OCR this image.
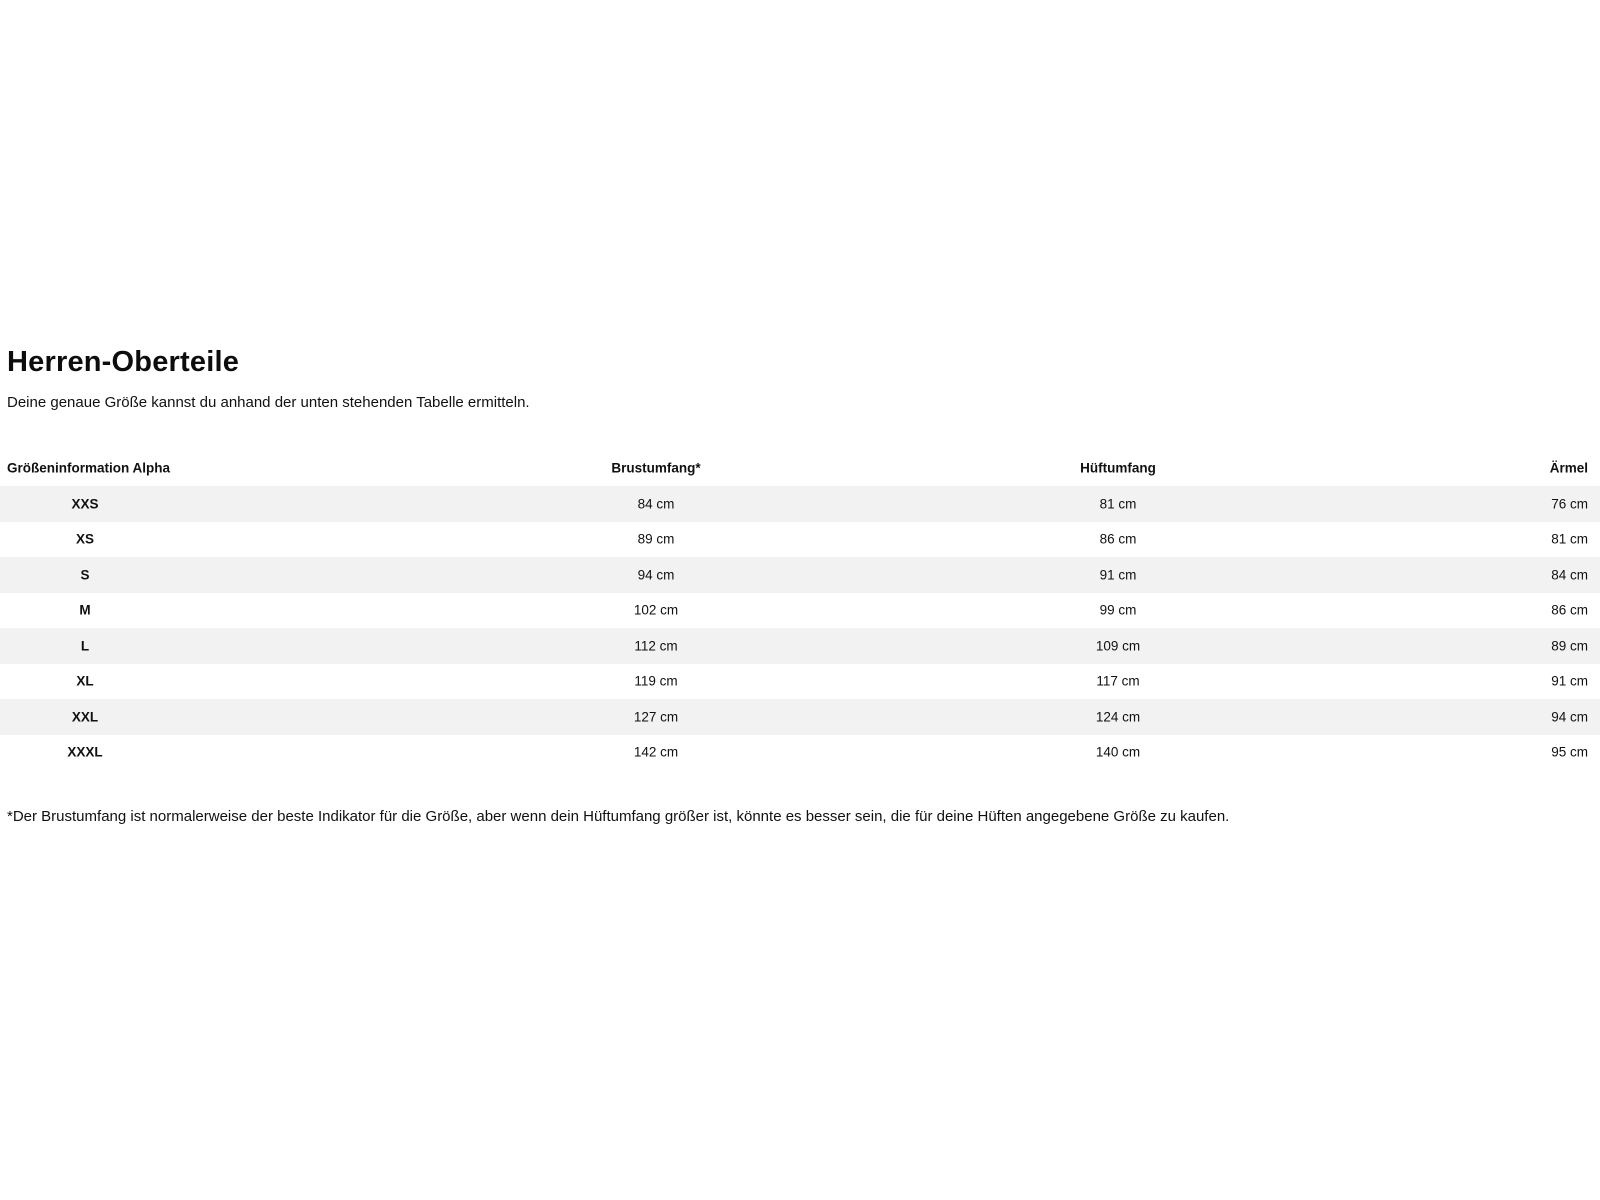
Herren-Oberteile

Deine genaue Größe kannst du anhand der unten stehenden Tabelle ermitteln.

Größeninformation Alpha	Brustumfang*	Hüftumfang	Ärmel
XXS	84 cm	81 cm	76 cm
XS	89 cm	86 cm	81 cm
S	94 cm	91 cm	84 cm
M	102 cm	99 cm	86 cm
L	112 cm	109 cm	89 cm
XL	119 cm	117 cm	91 cm
XXL	127 cm	124 cm	94 cm
XXXL	142 cm	140 cm	95 cm

*Der Brustumfang ist normalerweise der beste Indikator für die Größe, aber wenn dein Hüftumfang größer ist, könnte es besser sein, die für deine Hüften angegebene Größe zu kaufen.
